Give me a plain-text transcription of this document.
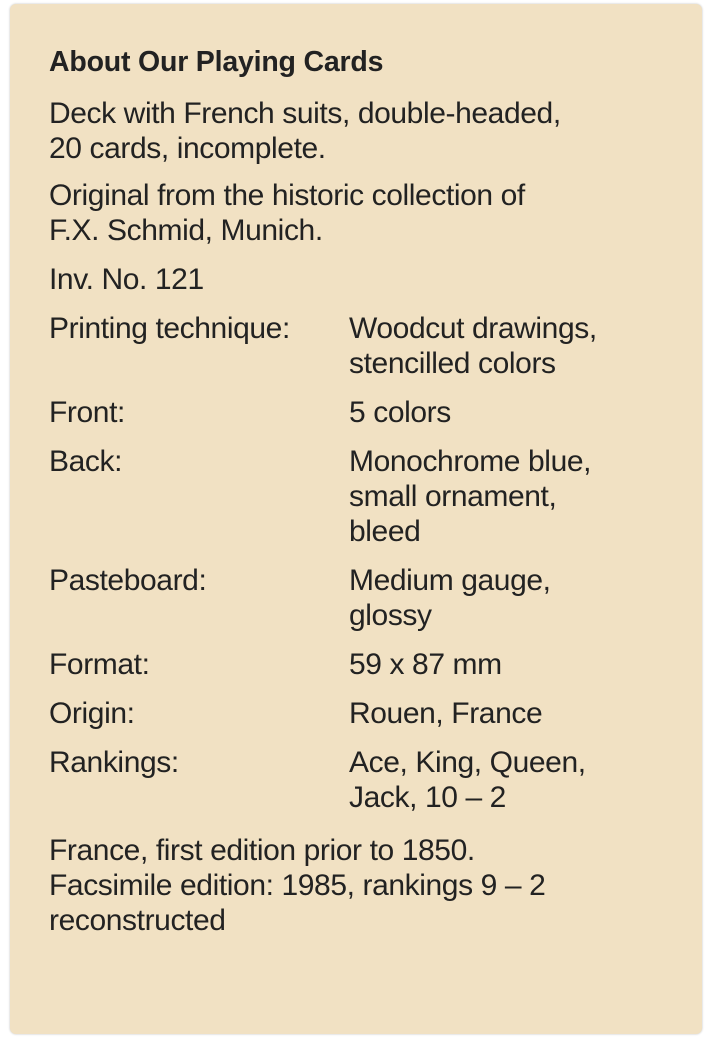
About Our Playing Cards
Deck with French suits, double-headed,
20 cards, incomplete.
Original from the historic collection of
F.X. Schmid, Munich.
Inv. No. 121
Printing technique:	Woodcut drawings,
stencilled colors
Front:	5 colors
Back:	Monochrome blue,
small ornament,
bleed
Pasteboard:	Medium gauge,
glossy
Format:	59 x 87 mm
Origin:	Rouen, France
Rankings:	Ace, King, Queen,
Jack, 10 – 2
France, first edition prior to 1850.
Facsimile edition: 1985, rankings 9 – 2
reconstructed
